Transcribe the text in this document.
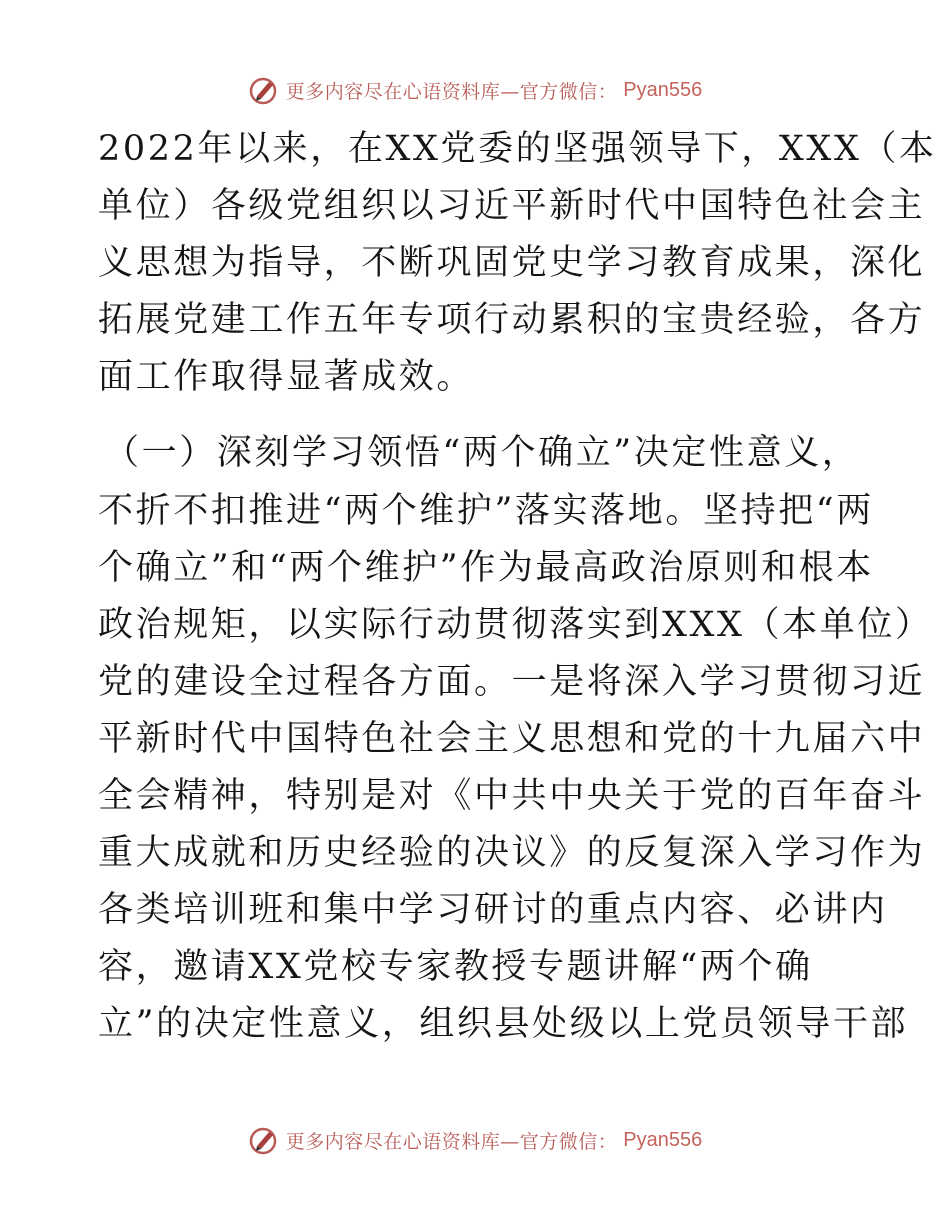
更多内容尽在心语资料库—官方微信： Pyan556
2022年以来，在XX党委的坚强领导下，XXX（本
单位）各级党组织以习近平新时代中国特色社会主
义思想为指导，不断巩固党史学习教育成果，深化
拓展党建工作五年专项行动累积的宝贵经验，各方
面工作取得显著成效。
（一）深刻学习领悟“两个确立”决定性意义，
不折不扣推进“两个维护”落实落地。坚持把“两
个确立”和“两个维护”作为最高政治原则和根本
政治规矩，以实际行动贯彻落实到XXX（本单位）
党的建设全过程各方面。一是将深入学习贯彻习近
平新时代中国特色社会主义思想和党的十九届六中
全会精神，特别是对《中共中央关于党的百年奋斗
重大成就和历史经验的决议》的反复深入学习作为
各类培训班和集中学习研讨的重点内容、必讲内
容，邀请XX党校专家教授专题讲解“两个确
立”的决定性意义，组织县处级以上党员领导干部
更多内容尽在心语资料库—官方微信： Pyan556
